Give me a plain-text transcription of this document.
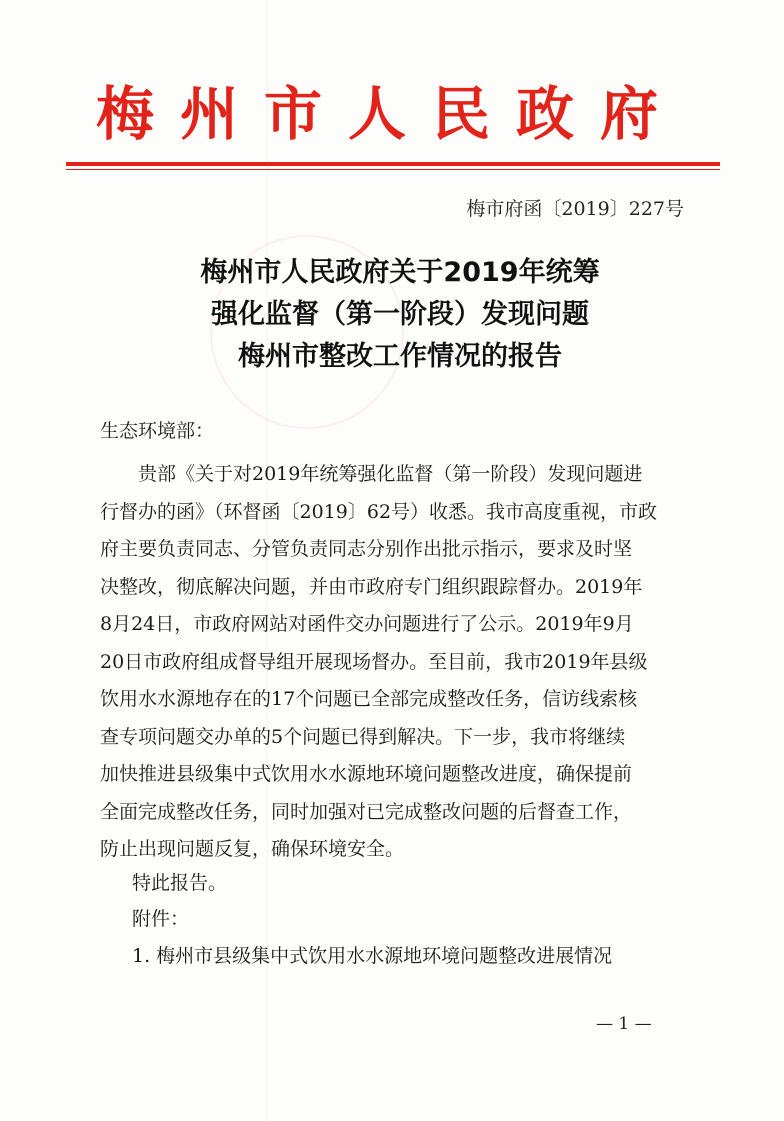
梅州市人民政府
梅市府函〔2019〕227号
梅州市人民政府关于2019年统筹
强化监督（第一阶段）发现问题
梅州市整改工作情况的报告
生态环境部：
　　贵部《关于对2019年统筹强化监督（第一阶段）发现问题进
行督办的函》（环督函〔2019〕62号）收悉。我市高度重视，市政
府主要负责同志、分管负责同志分别作出批示指示，要求及时坚
决整改，彻底解决问题，并由市政府专门组织跟踪督办。2019年
8月24日，市政府网站对函件交办问题进行了公示。2019年9月
20日市政府组成督导组开展现场督办。至目前，我市2019年县级
饮用水水源地存在的17个问题已全部完成整改任务，信访线索核
查专项问题交办单的5个问题已得到解决。下一步，我市将继续
加快推进县级集中式饮用水水源地环境问题整改进度，确保提前
全面完成整改任务，同时加强对已完成整改问题的后督查工作，
防止出现问题反复，确保环境安全。
特此报告。
附件：
1. 梅州市县级集中式饮用水水源地环境问题整改进展情况
— 1 —
